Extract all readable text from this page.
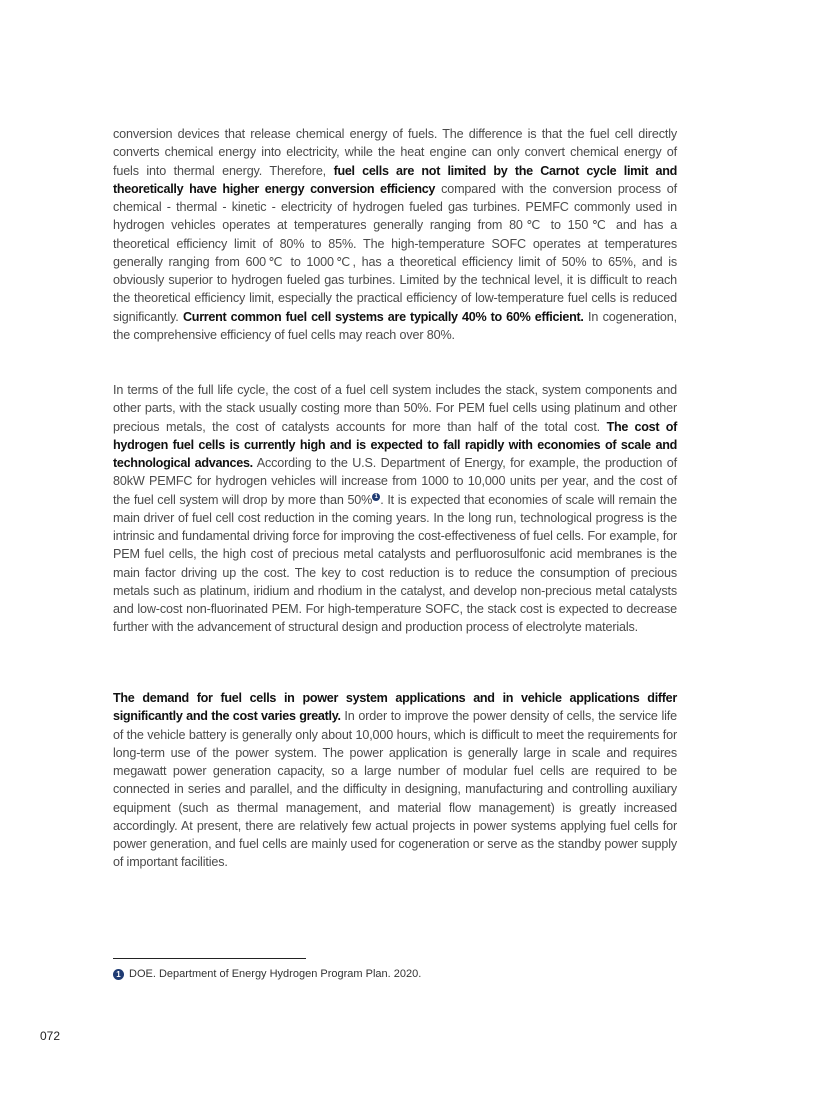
conversion devices that release chemical energy of fuels. The difference is that the fuel cell directly converts chemical energy into electricity, while the heat engine can only convert chemical energy of fuels into thermal energy. Therefore, fuel cells are not limited by the Carnot cycle limit and theoretically have higher energy conversion efficiency compared with the conversion process of chemical - thermal - kinetic - electricity of hydrogen fueled gas turbines. PEMFC commonly used in hydrogen vehicles operates at temperatures generally ranging from 80℃ to 150℃ and has a theoretical efficiency limit of 80% to 85%. The high-temperature SOFC operates at temperatures generally ranging from 600℃ to 1000℃, has a theoretical efficiency limit of 50% to 65%, and is obviously superior to hydrogen fueled gas turbines. Limited by the technical level, it is difficult to reach the theoretical efficiency limit, especially the practical efficiency of low-temperature fuel cells is reduced significantly. Current common fuel cell systems are typically 40% to 60% efficient. In cogeneration, the comprehensive efficiency of fuel cells may reach over 80%.

In terms of the full life cycle, the cost of a fuel cell system includes the stack, system components and other parts, with the stack usually costing more than 50%. For PEM fuel cells using platinum and other precious metals, the cost of catalysts accounts for more than half of the total cost. The cost of hydrogen fuel cells is currently high and is expected to fall rapidly with economies of scale and technological advances. According to the U.S. Department of Energy, for example, the production of 80kW PEMFC for hydrogen vehicles will increase from 1000 to 10,000 units per year, and the cost of the fuel cell system will drop by more than 50% 1 . It is expected that economies of scale will remain the main driver of fuel cell cost reduction in the coming years. In the long run, technological progress is the intrinsic and fundamental driving force for improving the cost-effectiveness of fuel cells. For example, for PEM fuel cells, the high cost of precious metal catalysts and perfluorosulfonic acid membranes is the main factor driving up the cost. The key to cost reduction is to reduce the consumption of precious metals such as platinum, iridium and rhodium in the catalyst, and develop non-precious metal catalysts and low-cost non-fluorinated PEM. For high-temperature SOFC, the stack cost is expected to decrease further with the advancement of structural design and production process of electrolyte materials.

The demand for fuel cells in power system applications and in vehicle applications differ significantly and the cost varies greatly. In order to improve the power density of cells, the service life of the vehicle battery is generally only about 10,000 hours, which is difficult to meet the requirements for long-term use of the power system. The power application is generally large in scale and requires megawatt power generation capacity, so a large number of modular fuel cells are required to be connected in series and parallel, and the difficulty in designing, manufacturing and controlling auxiliary equipment (such as thermal management, and material flow management) is greatly increased accordingly. At present, there are relatively few actual projects in power systems applying fuel cells for power generation, and fuel cells are mainly used for cogeneration or serve as the standby power supply of important facilities.

1 DOE. Department of Energy Hydrogen Program Plan. 2020.
072
